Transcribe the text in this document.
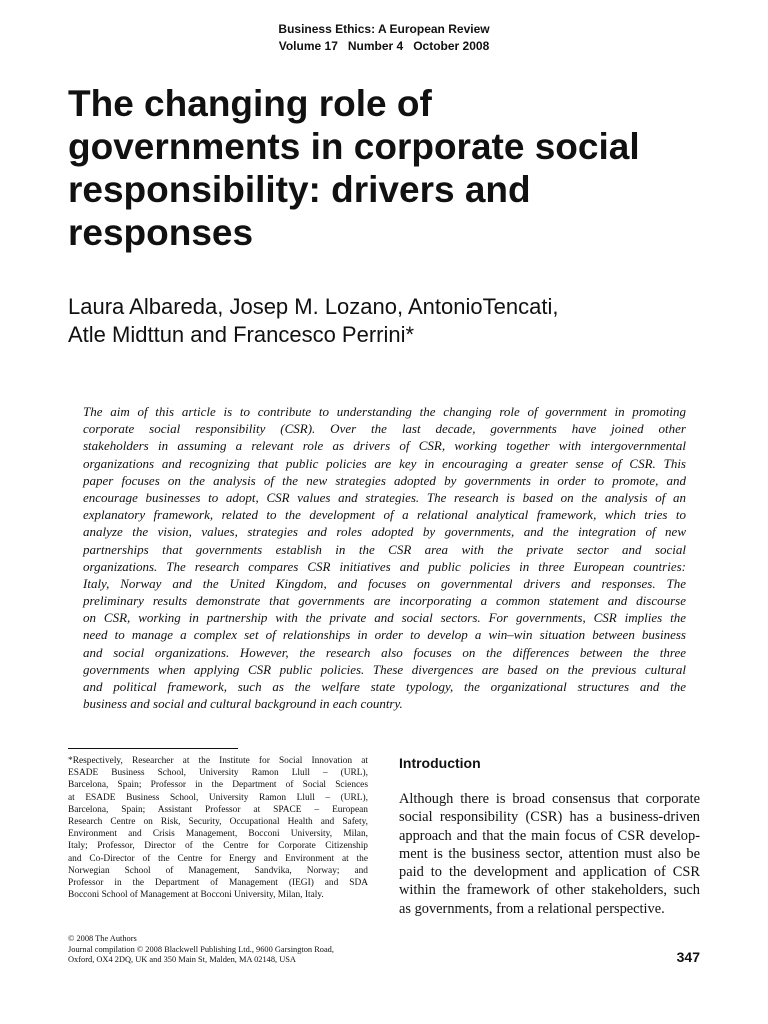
Business Ethics: A European Review
Volume 17   Number 4   October 2008
The changing role of
governments in corporate social
responsibility: drivers and
responses
Laura Albareda, Josep M. Lozano, AntonioTencati,
Atle Midttun and Francesco Perrini*
The aim of this article is to contribute to understanding the changing role of government in promoting
corporate social responsibility (CSR). Over the last decade, governments have joined other
stakeholders in assuming a relevant role as drivers of CSR, working together with intergovernmental
organizations and recognizing that public policies are key in encouraging a greater sense of CSR. This
paper focuses on the analysis of the new strategies adopted by governments in order to promote, and
encourage businesses to adopt, CSR values and strategies. The research is based on the analysis of an
explanatory framework, related to the development of a relational analytical framework, which tries to
analyze the vision, values, strategies and roles adopted by governments, and the integration of new
partnerships that governments establish in the CSR area with the private sector and social
organizations. The research compares CSR initiatives and public policies in three European countries:
Italy, Norway and the United Kingdom, and focuses on governmental drivers and responses. The
preliminary results demonstrate that governments are incorporating a common statement and discourse
on CSR, working in partnership with the private and social sectors. For governments, CSR implies the
need to manage a complex set of relationships in order to develop a win–win situation between business
and social organizations. However, the research also focuses on the differences between the three
governments when applying CSR public policies. These divergences are based on the previous cultural
and political framework, such as the welfare state typology, the organizational structures and the
business and social and cultural background in each country.
*Respectively, Researcher at the Institute for Social Innovation at
ESADE Business School, University Ramon Llull – (URL),
Barcelona, Spain; Professor in the Department of Social Sciences
at ESADE Business School, University Ramon Llull – (URL),
Barcelona, Spain; Assistant Professor at SPACE – European
Research Centre on Risk, Security, Occupational Health and Safety,
Environment and Crisis Management, Bocconi University, Milan,
Italy; Professor, Director of the Centre for Corporate Citizenship
and Co-Director of the Centre for Energy and Environment at the
Norwegian School of Management, Sandvika, Norway; and
Professor in the Department of Management (IEGI) and SDA
Bocconi School of Management at Bocconi University, Milan, Italy.
Introduction
Although there is broad consensus that corporate
social responsibility (CSR) has a business-driven
approach and that the main focus of CSR develop-
ment is the business sector, attention must also be
paid to the development and application of CSR
within the framework of other stakeholders, such
as governments, from a relational perspective.
© 2008 The Authors
Journal compilation © 2008 Blackwell Publishing Ltd., 9600 Garsington Road,
Oxford, OX4 2DQ, UK and 350 Main St, Malden, MA 02148, USA	347
